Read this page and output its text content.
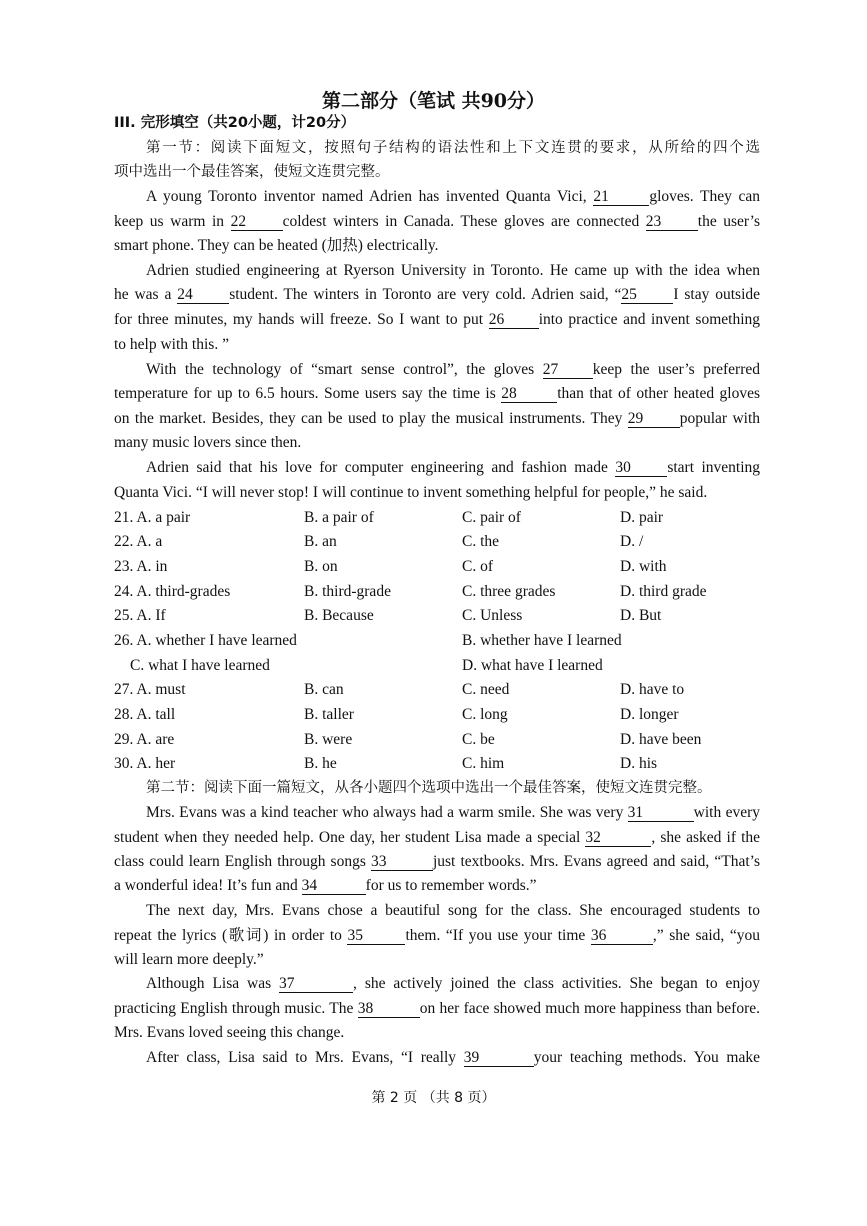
第二部分（笔试 共90分）
III. 完形填空（共20小题，计20分）
第一节：阅读下面短文，按照句子结构的语法性和上下文连贯的要求，从所给的四个选
项中选出一个最佳答案，使短文连贯完整。
A young Toronto inventor named Adrien has invented Quanta Vici, 21	gloves. They can
keep us warm in 22 coldest winters in Canada. These gloves are connected 23 the user’s
smart phone. They can be heated (加热) electrically.
Adrien studied engineering at Ryerson University in Toronto. He came up with the idea when
he was a 24 student. The winters in Toronto are very cold. Adrien said, “25 I stay outside
for three minutes, my hands will freeze. So I want to put 26 into practice and invent something
to help with this. ”
With the technology of “smart sense control”, the gloves 27 keep the user’s preferred
temperature for up to 6.5 hours. Some users say the time is 28	than that of other heated gloves
on the market. Besides, they can be used to play the musical instruments. They 29 popular with
many music lovers since then.
Adrien said that his love for computer engineering and fashion made 30 start inventing
Quanta Vici. “I will never stop! I will continue to invent something helpful for people,” he said.
21. A. a pair	B. a pair of	C. pair of	D. pair
22. A. a	B. an	C. the	D. /
23. A. in	B. on	C. of	D. with
24. A. third-grades	B. third-grade	C. three grades	D. third grade
25. A. If	B. Because	C. Unless	D. But
26. A. whether I have learned	B. whether have I learned
C. what I have learned	D. what have I learned
27. A. must	B. can	C. need	D. have to
28. A. tall	B. taller	C. long	D. longer
29. A. are	B. were	C. be	D. have been
30. A. her	B. he	C. him	D. his
第二节：阅读下面一篇短文，从各小题四个选项中选出一个最佳答案，使短文连贯完整。
Mrs. Evans was a kind teacher who always had a warm smile. She was very 31	with every
student when they needed help. One day, her student Lisa made a special 32	, she asked if the
class could learn English through songs 33	just textbooks. Mrs. Evans agreed and said, “That’s
a wonderful idea! It’s fun and 34	for us to remember words.”
The next day, Mrs. Evans chose a beautiful song for the class. She encouraged students to
repeat the lyrics (歌词) in order to 35	them. “If you use your time 36	,” she said, “you
will learn more deeply.”
Although Lisa was 37	, she actively joined the class activities. She began to enjoy
practicing English through music. The 38	on her face showed much more happiness than before.
Mrs. Evans loved seeing this change.
After class, Lisa said to Mrs. Evans, “I really 39	your teaching methods. You make
第 2 页 （共 8 页）
